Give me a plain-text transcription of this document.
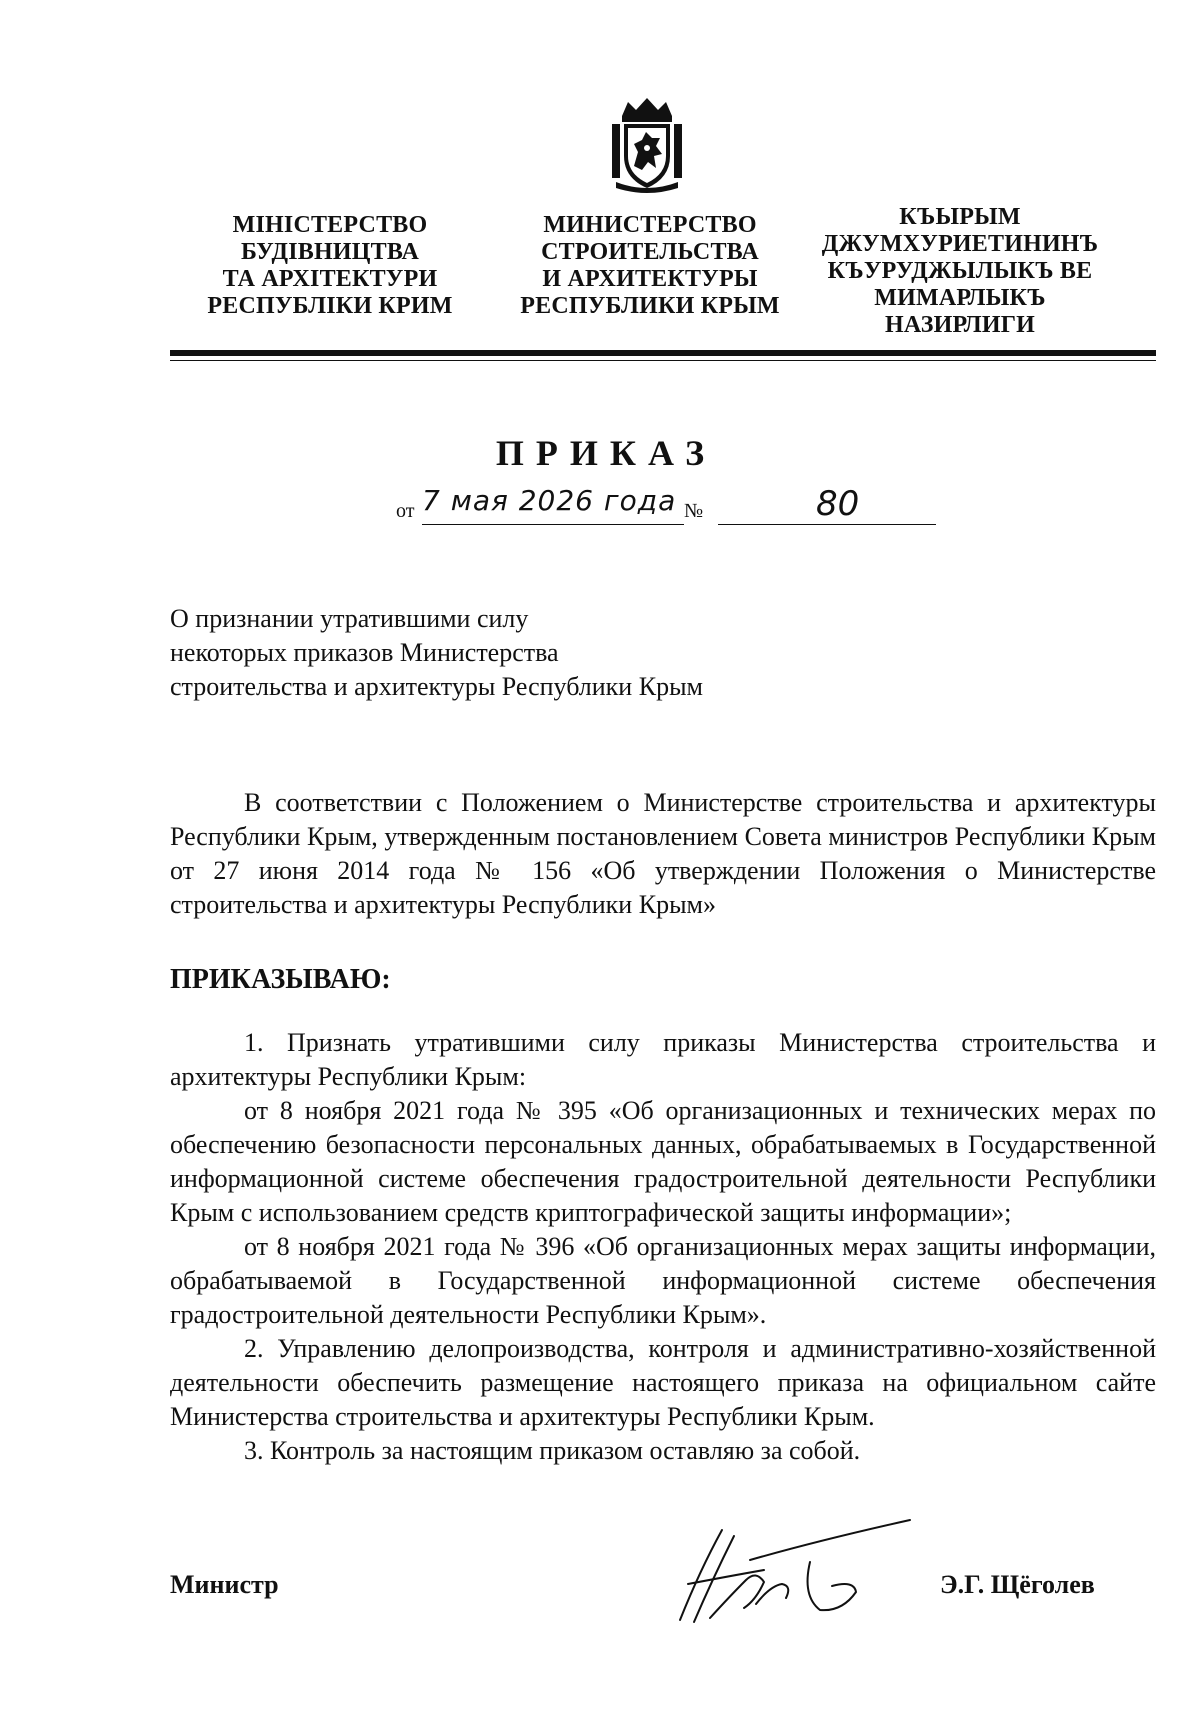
МІНІСТЕРСТВО
БУДІВНИЦТВА
ТА АРХІТЕКТУРИ
РЕСПУБЛІКИ КРИМ
МИНИСТЕРСТВО
СТРОИТЕЛЬСТВА
И АРХИТЕКТУРЫ
РЕСПУБЛИКИ КРЫМ
КЪЫРЫМ
ДЖУМХУРИЕТИНИНЪ
КЪУРУДЖЫЛЫКЪ ВЕ
МИМАРЛЫКЪ
НАЗИРЛИГИ
ПРИКАЗ
от 7 мая 2026 года №	80
О признании утратившими силу
некоторых приказов Министерства
строительства и архитектуры Республики Крым
В соответствии с Положением о Министерстве строительства и архитектуры Республики Крым, утвержденным постановлением Совета министров Республики Крым от 27 июня 2014 года № 156 «Об утверждении Положения о Министерстве строительства и архитектуры Республики Крым»
ПРИКАЗЫВАЮ:

1. Признать утратившими силу приказы Министерства строительства и архитектуры Республики Крым:

от 8 ноября 2021 года № 395 «Об организационных и технических мерах по обеспечению безопасности персональных данных, обрабатываемых в Государственной информационной системе обеспечения градостроительной деятельности Республики Крым с использованием средств криптографической защиты информации»;

от 8 ноября 2021 года № 396 «Об организационных мерах защиты информации, обрабатываемой в Государственной информационной системе обеспечения градостроительной деятельности Республики Крым».

2. Управлению делопроизводства, контроля и административно-хозяйственной деятельности обеспечить размещение настоящего приказа на официальном сайте Министерства строительства и архитектуры Республики Крым.

3. Контроль за настоящим приказом оставляю за собой.

Министр	Э.Г. Щёголев
